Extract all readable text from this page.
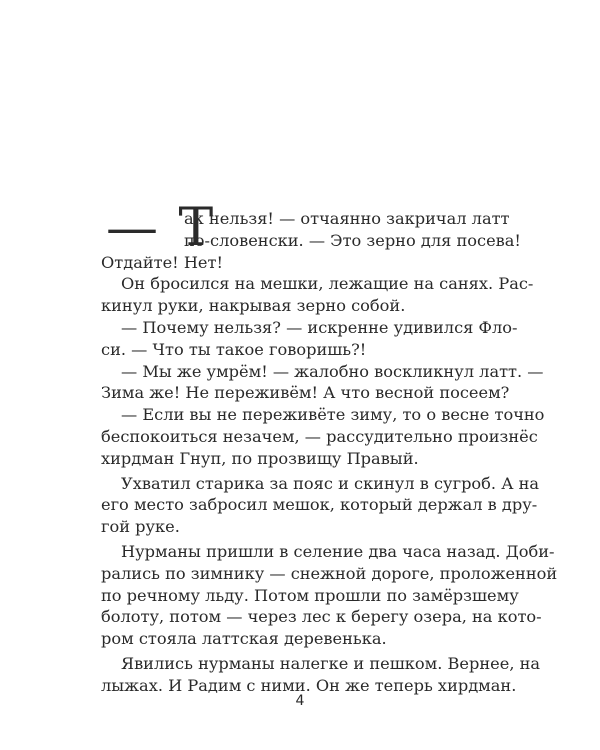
— Т
ак нельзя! — отчаянно закричал латт
по-словенски. — Это зерно для посева!
Отдайте! Нет!
Он бросился на мешки, лежащие на санях. Рас-
кинул руки, накрывая зерно собой.
— Почему нельзя? — искренне удивился Фло-
си. — Что ты такое говоришь?!
— Мы же умрём! — жалобно воскликнул латт. —
Зима же! Не переживём! А что весной посеем?
— Если вы не переживёте зиму, то о весне точно
беспокоиться незачем, — рассудительно произнёс
хирдман Гнуп, по прозвищу Правый.
Ухватил старика за пояс и скинул в сугроб. А на
его место забросил мешок, который держал в дру-
гой руке.
Нурманы пришли в селение два часа назад. Доби-
рались по зимнику — снежной дороге, проложенной
по речному льду. Потом прошли по замёрзшему
болоту, потом — через лес к берегу озера, на кото-
ром стояла латтская деревенька.
Явились нурманы налегке и пешком. Вернее, на
лыжах. И Радим с ними. Он же теперь хирдман.
4
